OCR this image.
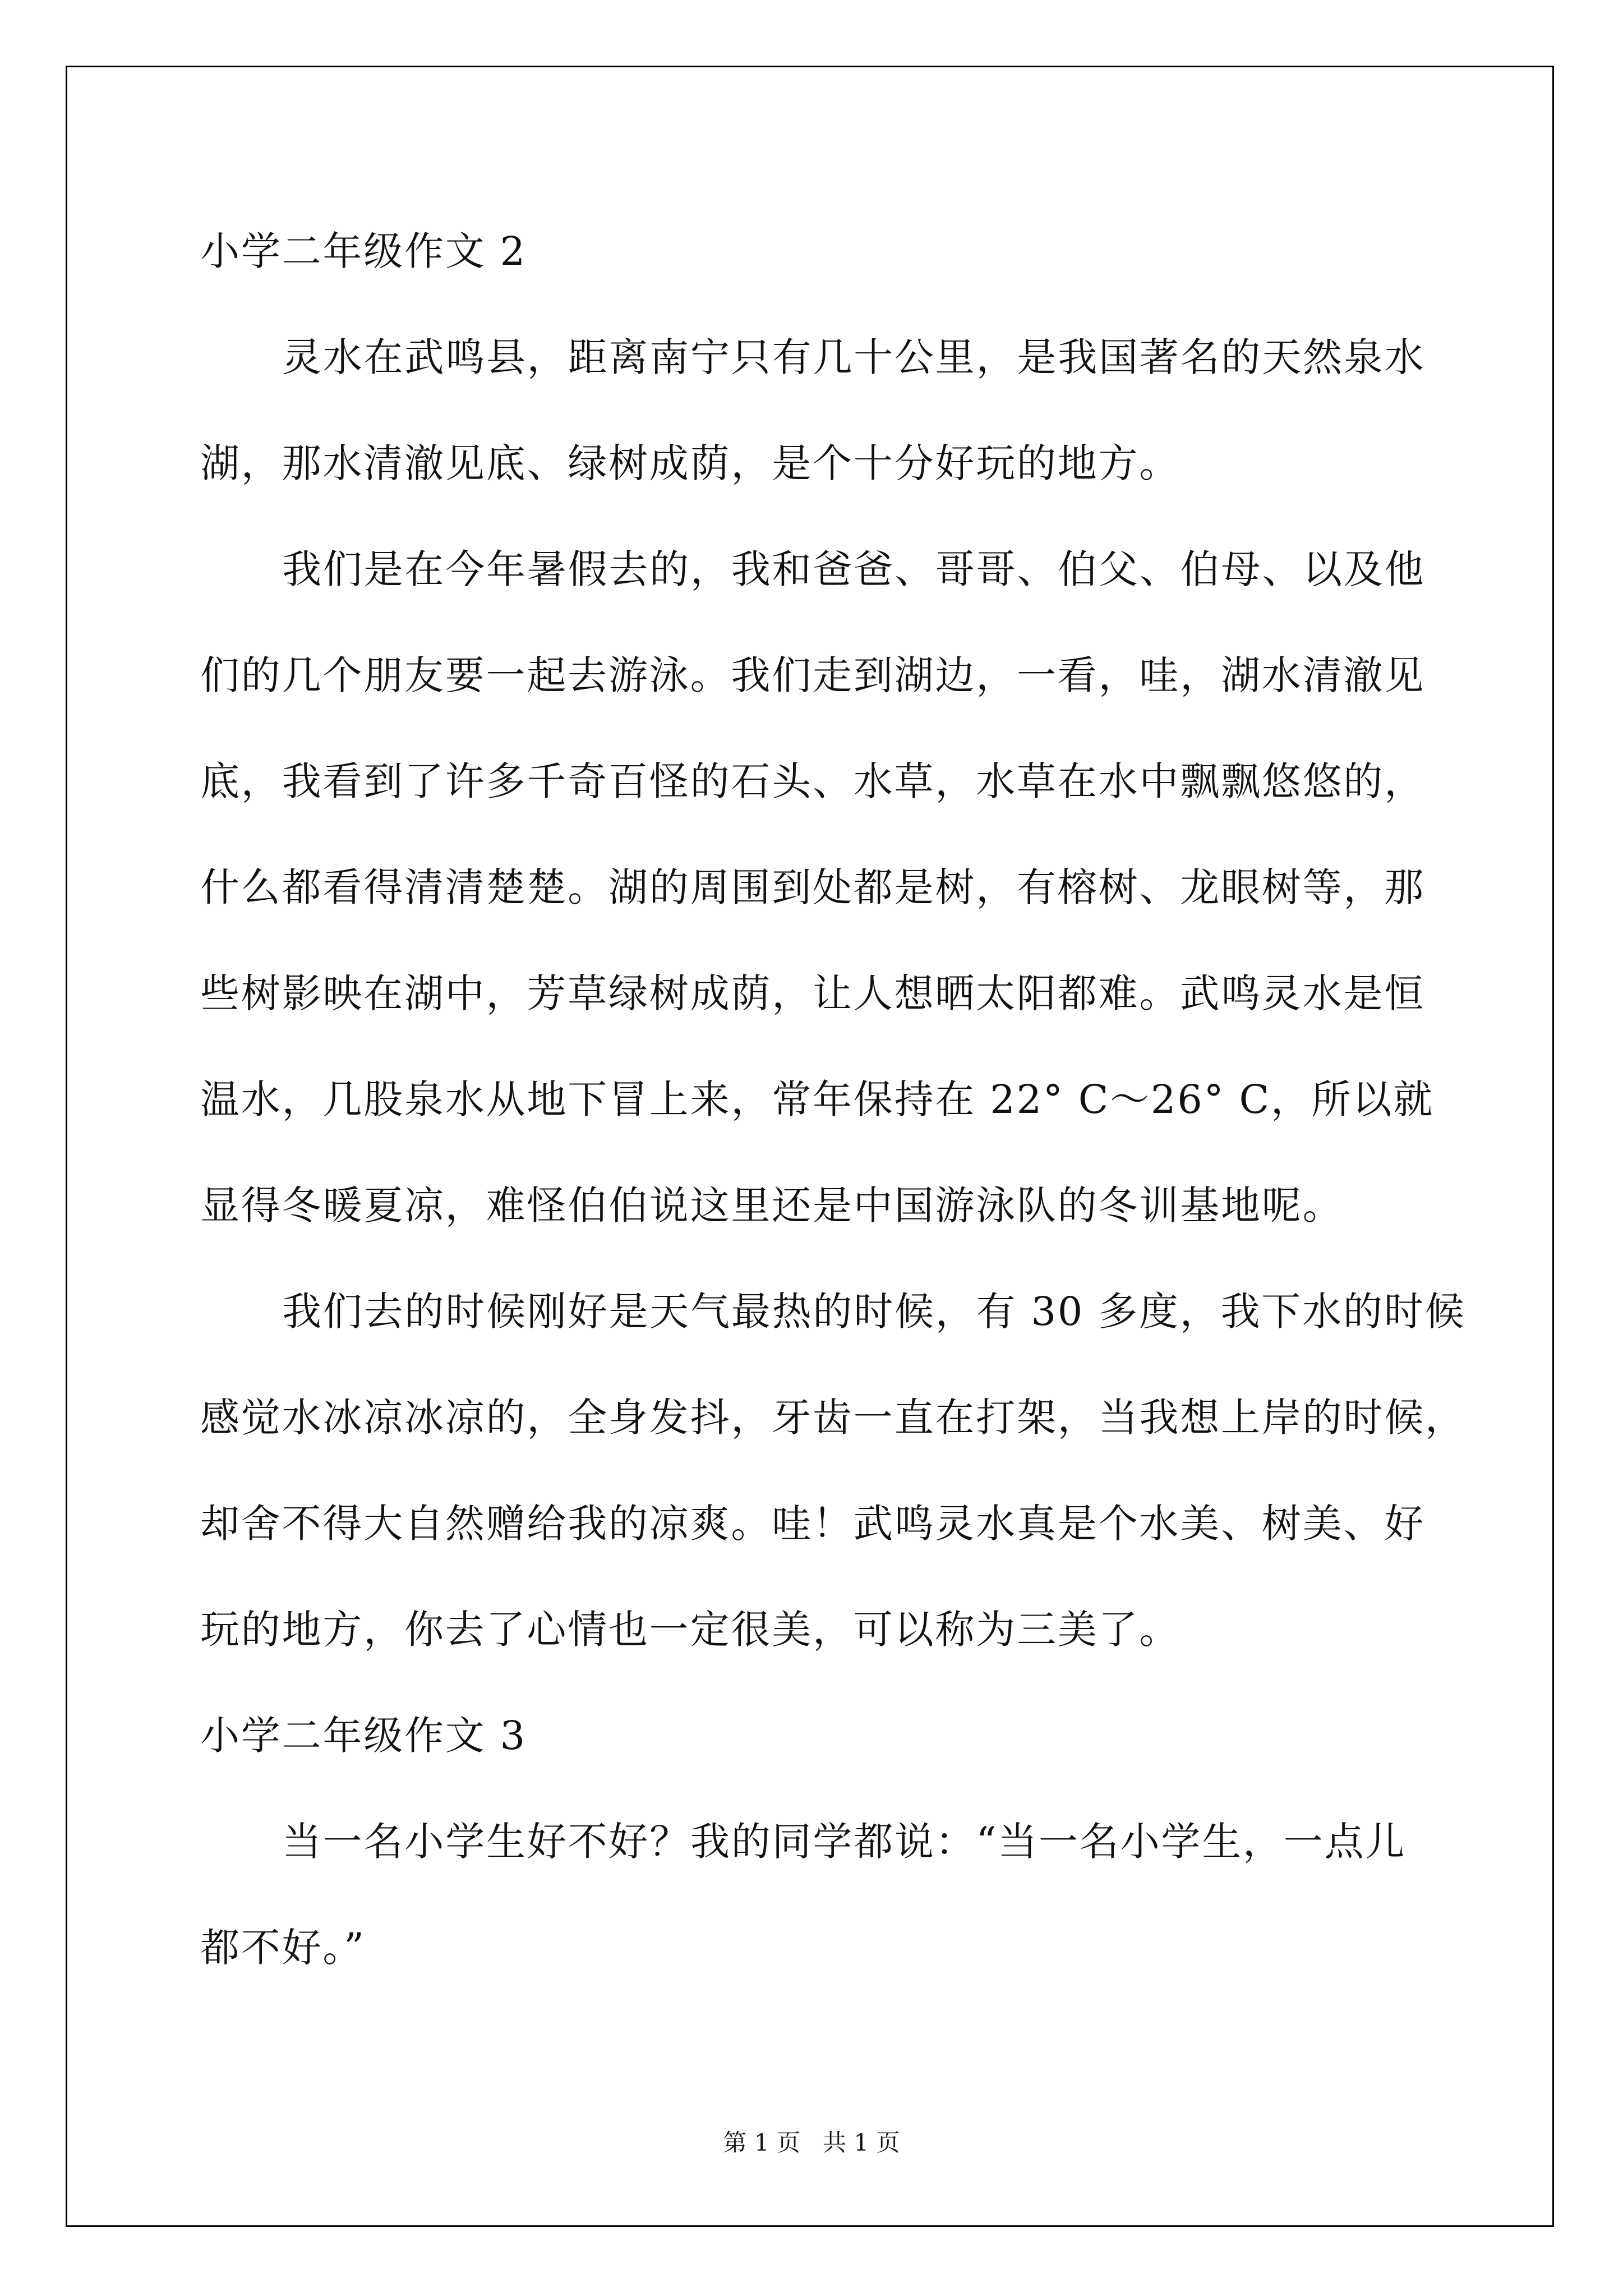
小学二年级作文 2
灵水在武鸣县，距离南宁只有几十公里，是我国著名的天然泉水
湖，那水清澈见底、绿树成荫，是个十分好玩的地方。
我们是在今年暑假去的，我和爸爸、哥哥、伯父、伯母、以及他
们的几个朋友要一起去游泳。我们走到湖边，一看，哇，湖水清澈见
底，我看到了许多千奇百怪的石头、水草，水草在水中飘飘悠悠的，
什么都看得清清楚楚。湖的周围到处都是树，有榕树、龙眼树等，那
些树影映在湖中，芳草绿树成荫，让人想晒太阳都难。武鸣灵水是恒
温水，几股泉水从地下冒上来，常年保持在 22° C～26° C，所以就
显得冬暖夏凉，难怪伯伯说这里还是中国游泳队的冬训基地呢。
我们去的时候刚好是天气最热的时候，有 30 多度，我下水的时候
感觉水冰凉冰凉的，全身发抖，牙齿一直在打架，当我想上岸的时候，
却舍不得大自然赠给我的凉爽。哇！武鸣灵水真是个水美、树美、好
玩的地方，你去了心情也一定很美，可以称为三美了。
小学二年级作文 3
当一名小学生好不好？我的同学都说：“当一名小学生，一点儿
都不好。”
第 1 页   共 1 页
